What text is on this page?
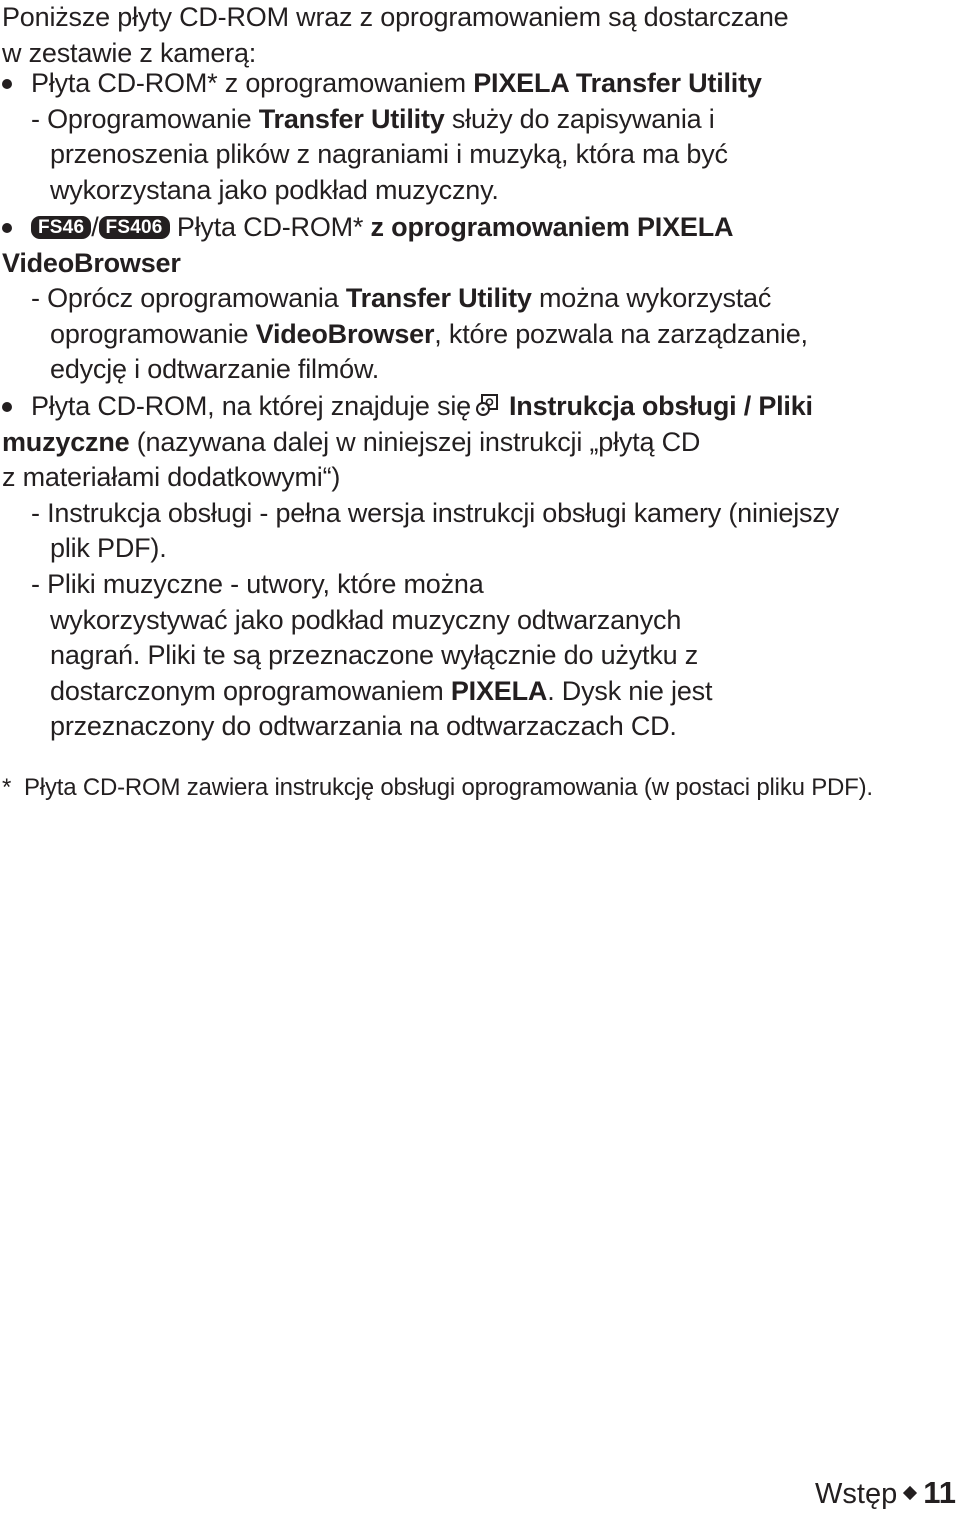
Poniższe płyty CD-ROM wraz z oprogramowaniem są dostarczane
w zestawie z kamerą:
Płyta CD-ROM* z oprogramowaniem PIXELA Transfer Utility
- Oprogramowanie Transfer Utility służy do zapisywania i
przenoszenia plików z nagraniami i muzyką, która ma być
wykorzystana jako podkład muzyczny.
FS46 / FS406 Płyta CD-ROM* z oprogramowaniem PIXELA
VideoBrowser
- Oprócz oprogramowania Transfer Utility można wykorzystać
oprogramowanie VideoBrowser, które pozwala na zarządzanie,
edycję i odtwarzanie filmów.
Płyta CD-ROM, na której znajduje się Instrukcja obsługi / Pliki
muzyczne (nazywana dalej w niniejszej instrukcji „płytą CD
z materiałami dodatkowymi“)
- Instrukcja obsługi - pełna wersja instrukcji obsługi kamery (niniejszy
plik PDF).
- Pliki muzyczne - utwory, które można
wykorzystywać jako podkład muzyczny odtwarzanych
nagrań. Pliki te są przeznaczone wyłącznie do użytku z
dostarczonym oprogramowaniem PIXELA. Dysk nie jest
przeznaczony do odtwarzania na odtwarzaczach CD.
* Płyta CD-ROM zawiera instrukcję obsługi oprogramowania (w postaci pliku PDF).
Wstęp 11
